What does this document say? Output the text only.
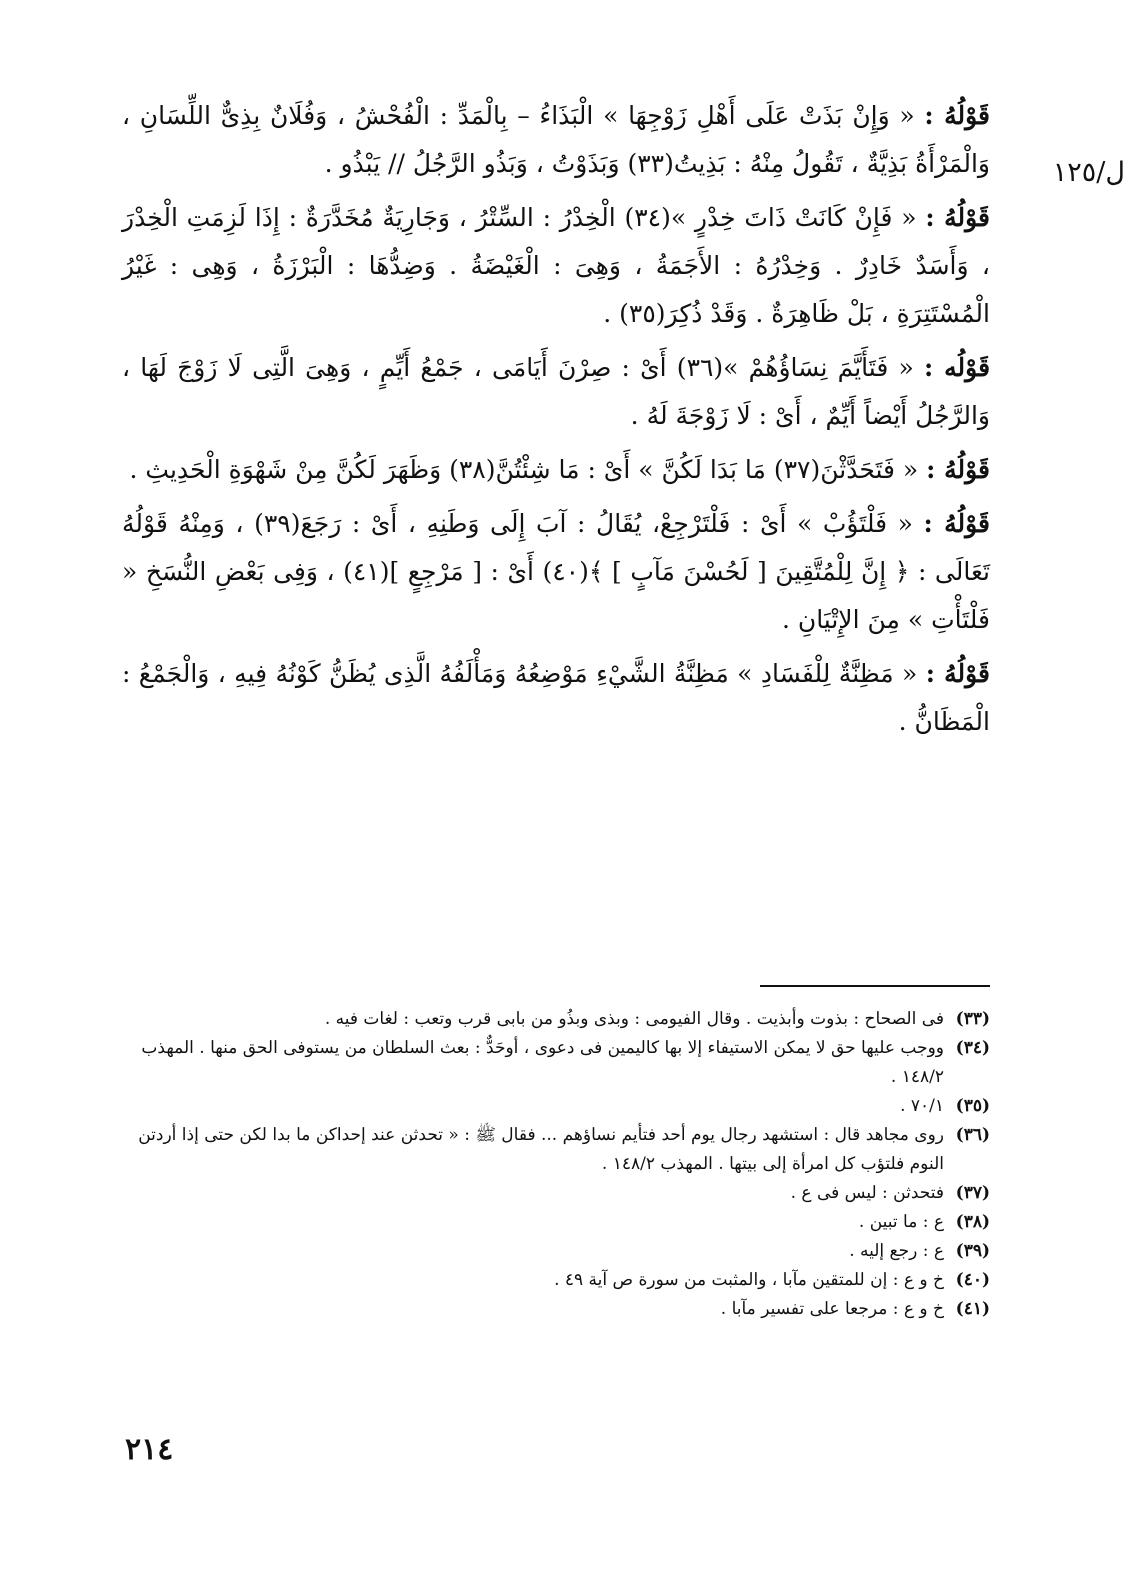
ل/١٢٥

قَوْلُهُ : « وَإِنْ بَذَتْ عَلَى أَهْلِ زَوْجِهَا » الْبَذَاءُ – بِالْمَدِّ : الْفُحْشُ ، وَفُلَانٌ بِذِىٌّ اللِّسَانِ ، وَالْمَرْأَةُ بَذِيَّةٌ ، تَقُولُ مِنْهُ : بَذِيتُ(٣٣) وَبَذَوْتُ ، وَبَذُو الرَّجُلُ // يَبْذُو .

قَوْلُهُ : « فَإِنْ كَانَتْ ذَاتَ خِدْرٍ »(٣٤) الْخِدْرُ : السِّتْرُ ، وَجَارِيَةٌ مُخَدَّرَةٌ : إِذَا لَزِمَتِ الْخِدْرَ ، وَأَسَدٌ خَادِرٌ . وَخِدْرُهُ : الأَجَمَةُ ، وَهِىَ : الْغَيْضَةُ . وَضِدُّهَا : الْبَرْزَةُ ، وَهِى : غَيْرُ الْمُسْتَتِرَةِ ، بَلْ ظَاهِرَةٌ . وَقَدْ ذُكِرَ(٣٥) .

قَوْلُه : « فَتَأَيَّمَ نِسَاؤُهُمْ »(٣٦) أَىْ : صِرْنَ أَيَامَى ، جَمْعُ أَيِّمٍ ، وَهِىَ الَّتِى لَا زَوْجَ لَهَا ، وَالرَّجُلُ أَيْضاً أَيِّمٌ ، أَىْ : لَا زَوْجَةَ لَهُ .

قَوْلُهُ : « فَتَحَدَّثْنَ(٣٧) مَا بَدَا لَكُنَّ » أَىْ : مَا شِئْتُنَّ(٣٨) وَظَهَرَ لَكُنَّ مِنْ شَهْوَةِ الْحَدِيثِ .

قَوْلُهُ : « فَلْتَؤُبْ » أَىْ : فَلْتَرْجِعْ، يُقَالُ : آبَ إِلَى وَطَنِهِ ، أَىْ : رَجَعَ(٣٩) ، وَمِنْهُ قَوْلُهُ تَعَالَى : ﴿ إِنَّ لِلْمُتَّقِينَ [ لَحُسْنَ مَآبٍ ] ﴾(٤٠) أَىْ : [ مَرْجِعٍ ](٤١) ، وَفِى بَعْضِ النُّسَخِ « فَلْتَأْتِ » مِنَ الإِتْيَانِ .

قَوْلُهُ : « مَظِنَّةٌ لِلْفَسَادِ » مَظِنَّةُ الشَّيْءِ مَوْضِعُهُ وَمَأْلَفُهُ الَّذِى يُظَنُّ كَوْنُهُ فِيهِ ، وَالْجَمْعُ : الْمَظَانُّ .

(٣٣)
فى الصحاح : بذوت وأبذيت . وقال الفيومى : وبذى وبذُو من بابى قرب وتعب : لغات فيه .
(٣٤)
ووجب عليها حق لا يمكن الاستيفاء إلا بها كاليمين فى دعوى ، أوحَدٌّ : بعث السلطان من يستوفى الحق منها . المهذب ١٤٨/٢ .
(٣٥)
٧٠/١ .
(٣٦)
روى مجاهد قال : استشهد رجال يوم أحد فتأيم نساؤهم ... فقال ﷺ : « تحدثن عند إحداكن ما بدا لكن حتى إذا أردتن النوم فلتؤب كل امرأة إلى بيتها . المهذب ١٤٨/٢ .
(٣٧)
فتحدثن : ليس فى ع .
(٣٨)
ع : ما تبين .
(٣٩)
ع : رجع إليه .
(٤٠)
خ و ع : إن للمتقين مآبا ، والمثبت من سورة ص آية ٤٩ .
(٤١)
خ و ع : مرجعا على تفسير مآبا .
٢١٤
